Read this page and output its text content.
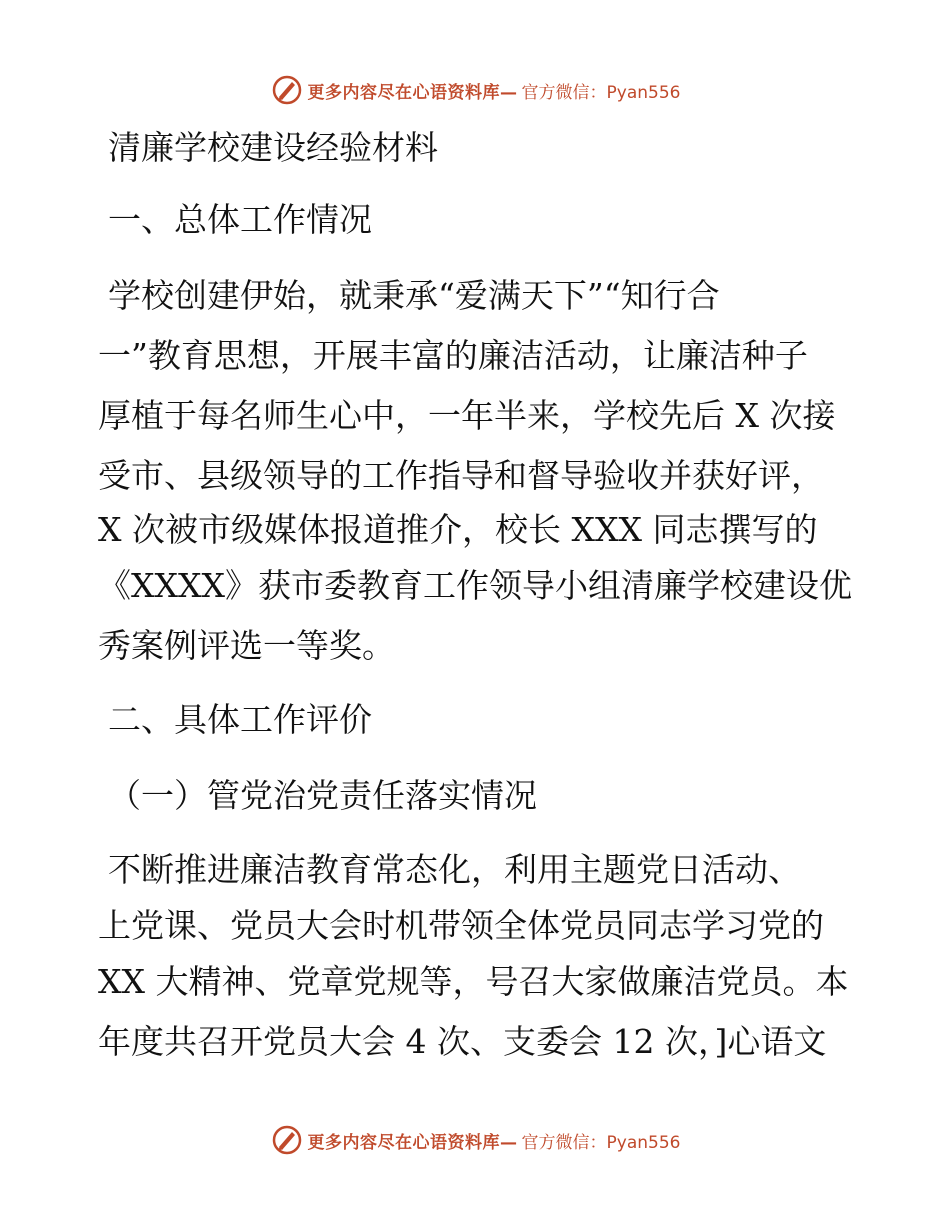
更多内容尽在心语资料库— 官方微信：Pyan556
清廉学校建设经验材料
一、总体工作情况
学校创建伊始，就秉承“爱满天下”“知行合
一”教育思想，开展丰富的廉洁活动，让廉洁种子
厚植于每名师生心中，一年半来，学校先后 X 次接
受市、县级领导的工作指导和督导验收并获好评，
X 次被市级媒体报道推介，校长 XXX 同志撰写的
《XXXX》获市委教育工作领导小组清廉学校建设优
秀案例评选一等奖。
二、具体工作评价
（一）管党治党责任落实情况
不断推进廉洁教育常态化，利用主题党日活动、
上党课、党员大会时机带领全体党员同志学习党的
XX 大精神、党章党规等，号召大家做廉洁党员。本
年度共召开党员大会 4 次、支委会 12 次，]心语文
更多内容尽在心语资料库— 官方微信：Pyan556
